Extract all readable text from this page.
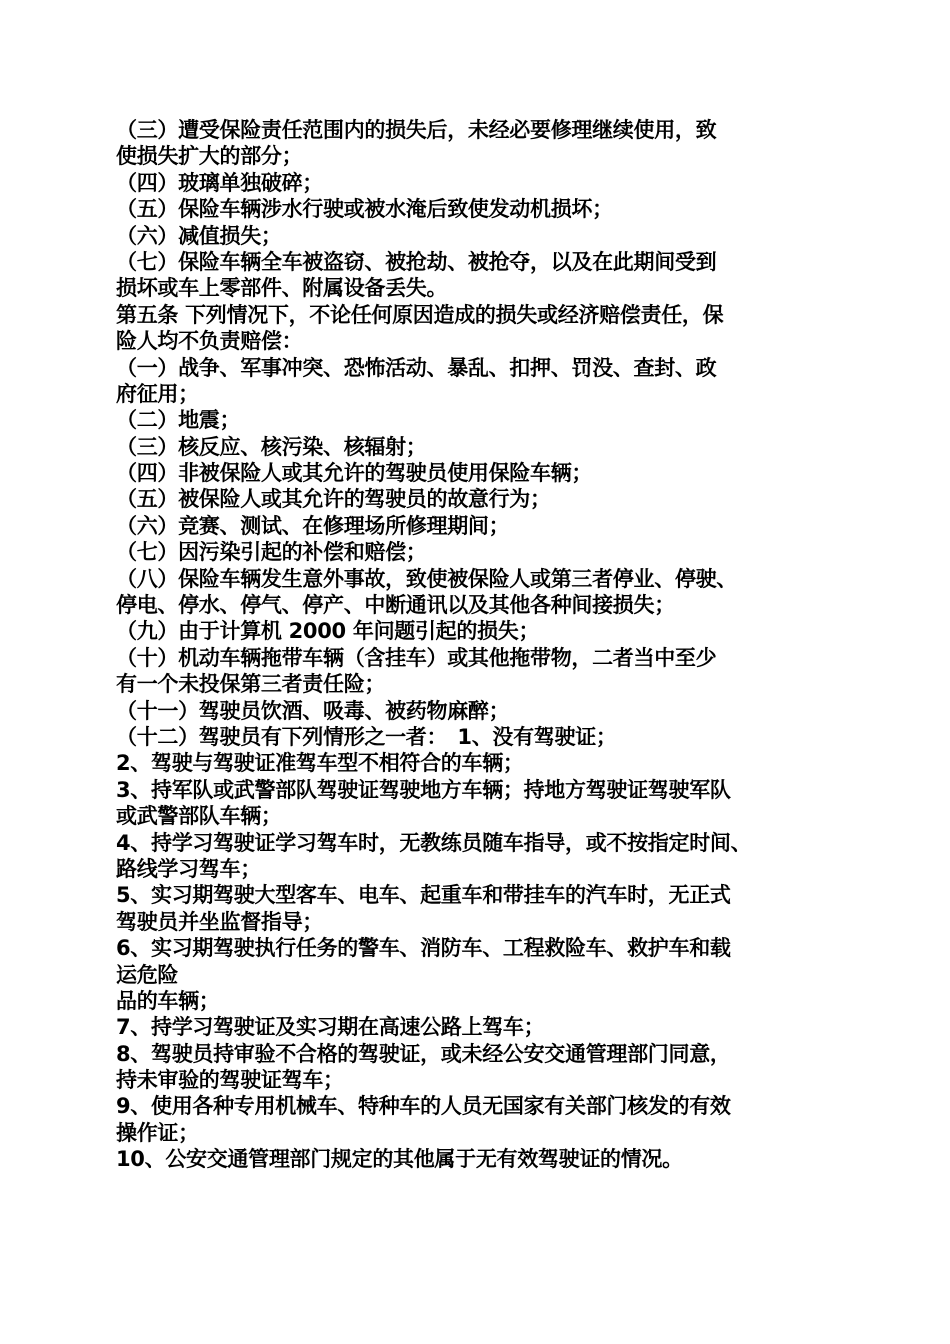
（三）遭受保险责任范围内的损失后，未经必要修理继续使用，致
使损失扩大的部分；
（四）玻璃单独破碎；
（五）保险车辆涉水行驶或被水淹后致使发动机损坏；
（六）减值损失；
（七）保险车辆全车被盗窃、被抢劫、被抢夺，以及在此期间受到
损坏或车上零部件、附属设备丢失。
第五条 下列情况下，不论任何原因造成的损失或经济赔偿责任，保
险人均不负责赔偿：
（一）战争、军事冲突、恐怖活动、暴乱、扣押、罚没、查封、政
府征用；
（二）地震；
（三）核反应、核污染、核辐射；
（四）非被保险人或其允许的驾驶员使用保险车辆；
（五）被保险人或其允许的驾驶员的故意行为；
（六）竞赛、测试、在修理场所修理期间；
（七）因污染引起的补偿和赔偿；
（八）保险车辆发生意外事故，致使被保险人或第三者停业、停驶、
停电、停水、停气、停产、中断通讯以及其他各种间接损失；
（九）由于计算机 2000 年问题引起的损失；
（十）机动车辆拖带车辆（含挂车）或其他拖带物，二者当中至少
有一个未投保第三者责任险；
（十一）驾驶员饮酒、吸毒、被药物麻醉；
（十二）驾驶员有下列情形之一者：　1、没有驾驶证；
2、驾驶与驾驶证准驾车型不相符合的车辆；
3、持军队或武警部队驾驶证驾驶地方车辆；持地方驾驶证驾驶军队
或武警部队车辆；
4、持学习驾驶证学习驾车时，无教练员随车指导，或不按指定时间、
路线学习驾车；
5、实习期驾驶大型客车、电车、起重车和带挂车的汽车时，无正式
驾驶员并坐监督指导；
6、实习期驾驶执行任务的警车、消防车、工程救险车、救护车和载
运危险
品的车辆；
7、持学习驾驶证及实习期在高速公路上驾车；
8、驾驶员持审验不合格的驾驶证，或未经公安交通管理部门同意，
持未审验的驾驶证驾车；
9、使用各种专用机械车、特种车的人员无国家有关部门核发的有效
操作证；
10、公安交通管理部门规定的其他属于无有效驾驶证的情况。
